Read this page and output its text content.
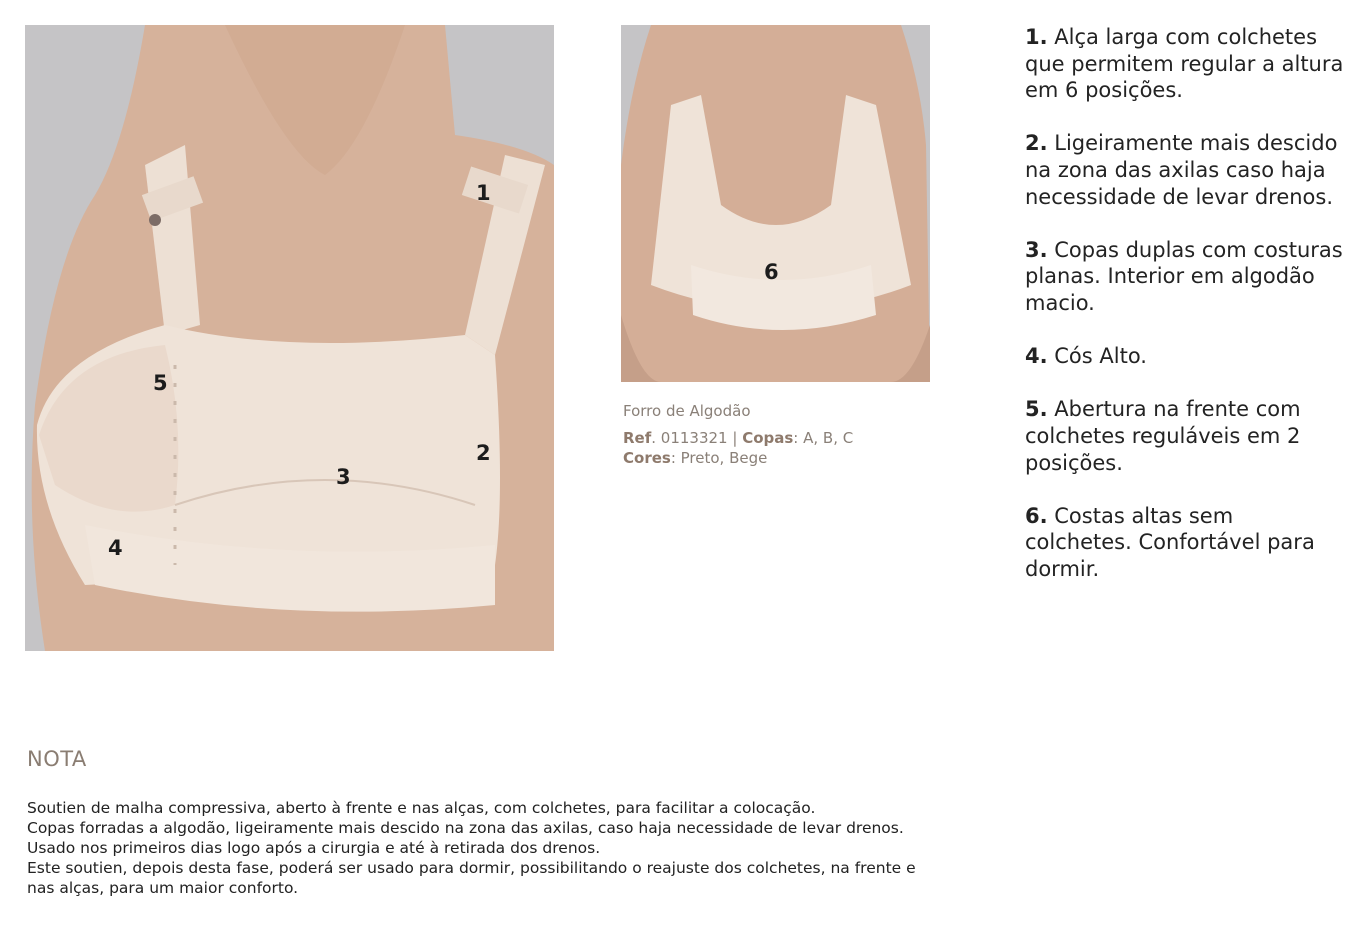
1
2
3
4
5
6
Forro de Algodão
Ref. 0113321 | Copas: A, B, C
Cores: Preto, Bege
1. Alça larga com colchetes que permitem regular a altura em 6 posições.
2. Ligeiramente mais descido na zona das axilas caso haja necessidade de levar drenos.
3. Copas duplas com costuras planas. Interior em algodão macio.
4. Cós Alto.
5. Abertura na frente com colchetes reguláveis em 2 posições.
6. Costas altas sem colchetes. Confortável para dormir.
NOTA
Soutien de malha compressiva, aberto à frente e nas alças, com colchetes, para facilitar a colocação.
Copas forradas a algodão, ligeiramente mais descido na zona das axilas, caso haja necessidade de levar drenos.
Usado nos primeiros dias logo após a cirurgia e até à retirada dos drenos.
Este soutien, depois desta fase, poderá ser usado para dormir, possibilitando o reajuste dos colchetes, na frente e
nas alças, para um maior conforto.
